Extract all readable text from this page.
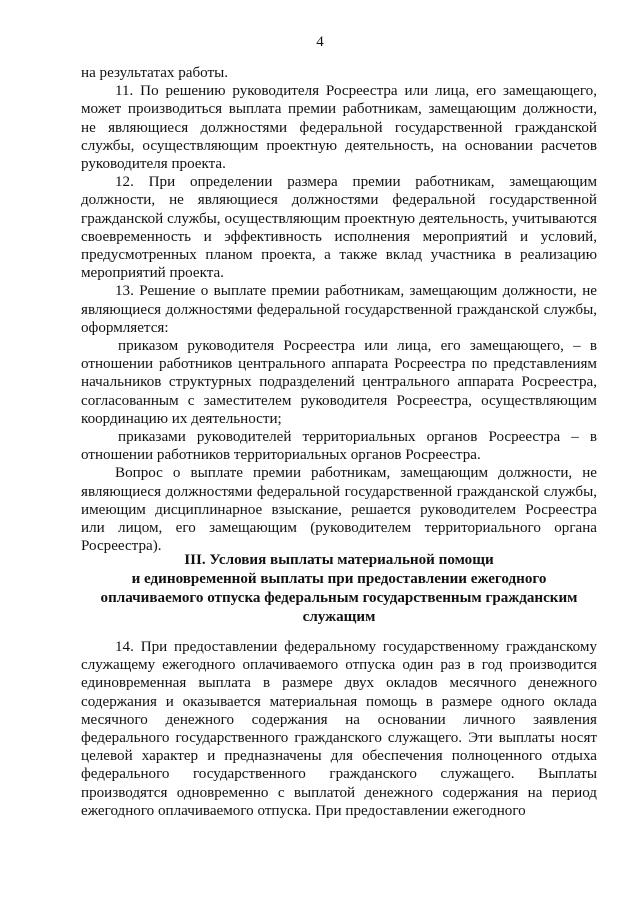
4

на результатах работы.

11. По решению руководителя Росреестра или лица, его замещающего, может производиться выплата премии работникам, замещающим должности, не являющиеся должностями федеральной государственной гражданской службы, осуществляющим проектную деятельность, на основании расчетов руководителя проекта.

12. При определении размера премии работникам, замещающим должности, не являющиеся должностями федеральной государственной гражданской службы, осуществляющим проектную деятельность, учитываются своевременность и эффективность исполнения мероприятий и условий, предусмотренных планом проекта, а также вклад участника в реализацию мероприятий проекта.

13. Решение о выплате премии работникам, замещающим должности, не являющиеся должностями федеральной государственной гражданской службы, оформляется:

приказом руководителя Росреестра или лица, его замещающего, – в отношении работников центрального аппарата Росреестра по представлениям начальников структурных подразделений центрального аппарата Росреестра, согласованным с заместителем руководителя Росреестра, осуществляющим координацию их деятельности;

приказами руководителей территориальных органов Росреестра – в отношении работников территориальных органов Росреестра.

Вопрос о выплате премии работникам, замещающим должности, не являющиеся должностями федеральной государственной гражданской службы, имеющим дисциплинарное взыскание, решается руководителем Росреестра или лицом, его замещающим (руководителем территориального органа Росреестра).

III. Условия выплаты материальной помощи
и единовременной выплаты при предоставлении ежегодного
оплачиваемого отпуска федеральным государственным гражданским
служащим

14. При предоставлении федеральному государственному гражданскому служащему ежегодного оплачиваемого отпуска один раз в год производится единовременная выплата в размере двух окладов месячного денежного содержания и оказывается материальная помощь в размере одного оклада месячного денежного содержания на основании личного заявления федерального государственного гражданского служащего. Эти выплаты носят целевой характер и предназначены для обеспечения полноценного отдыха федерального государственного гражданского служащего. Выплаты производятся одновременно с выплатой денежного содержания на период ежегодного оплачиваемого отпуска. При предоставлении ежегодного
